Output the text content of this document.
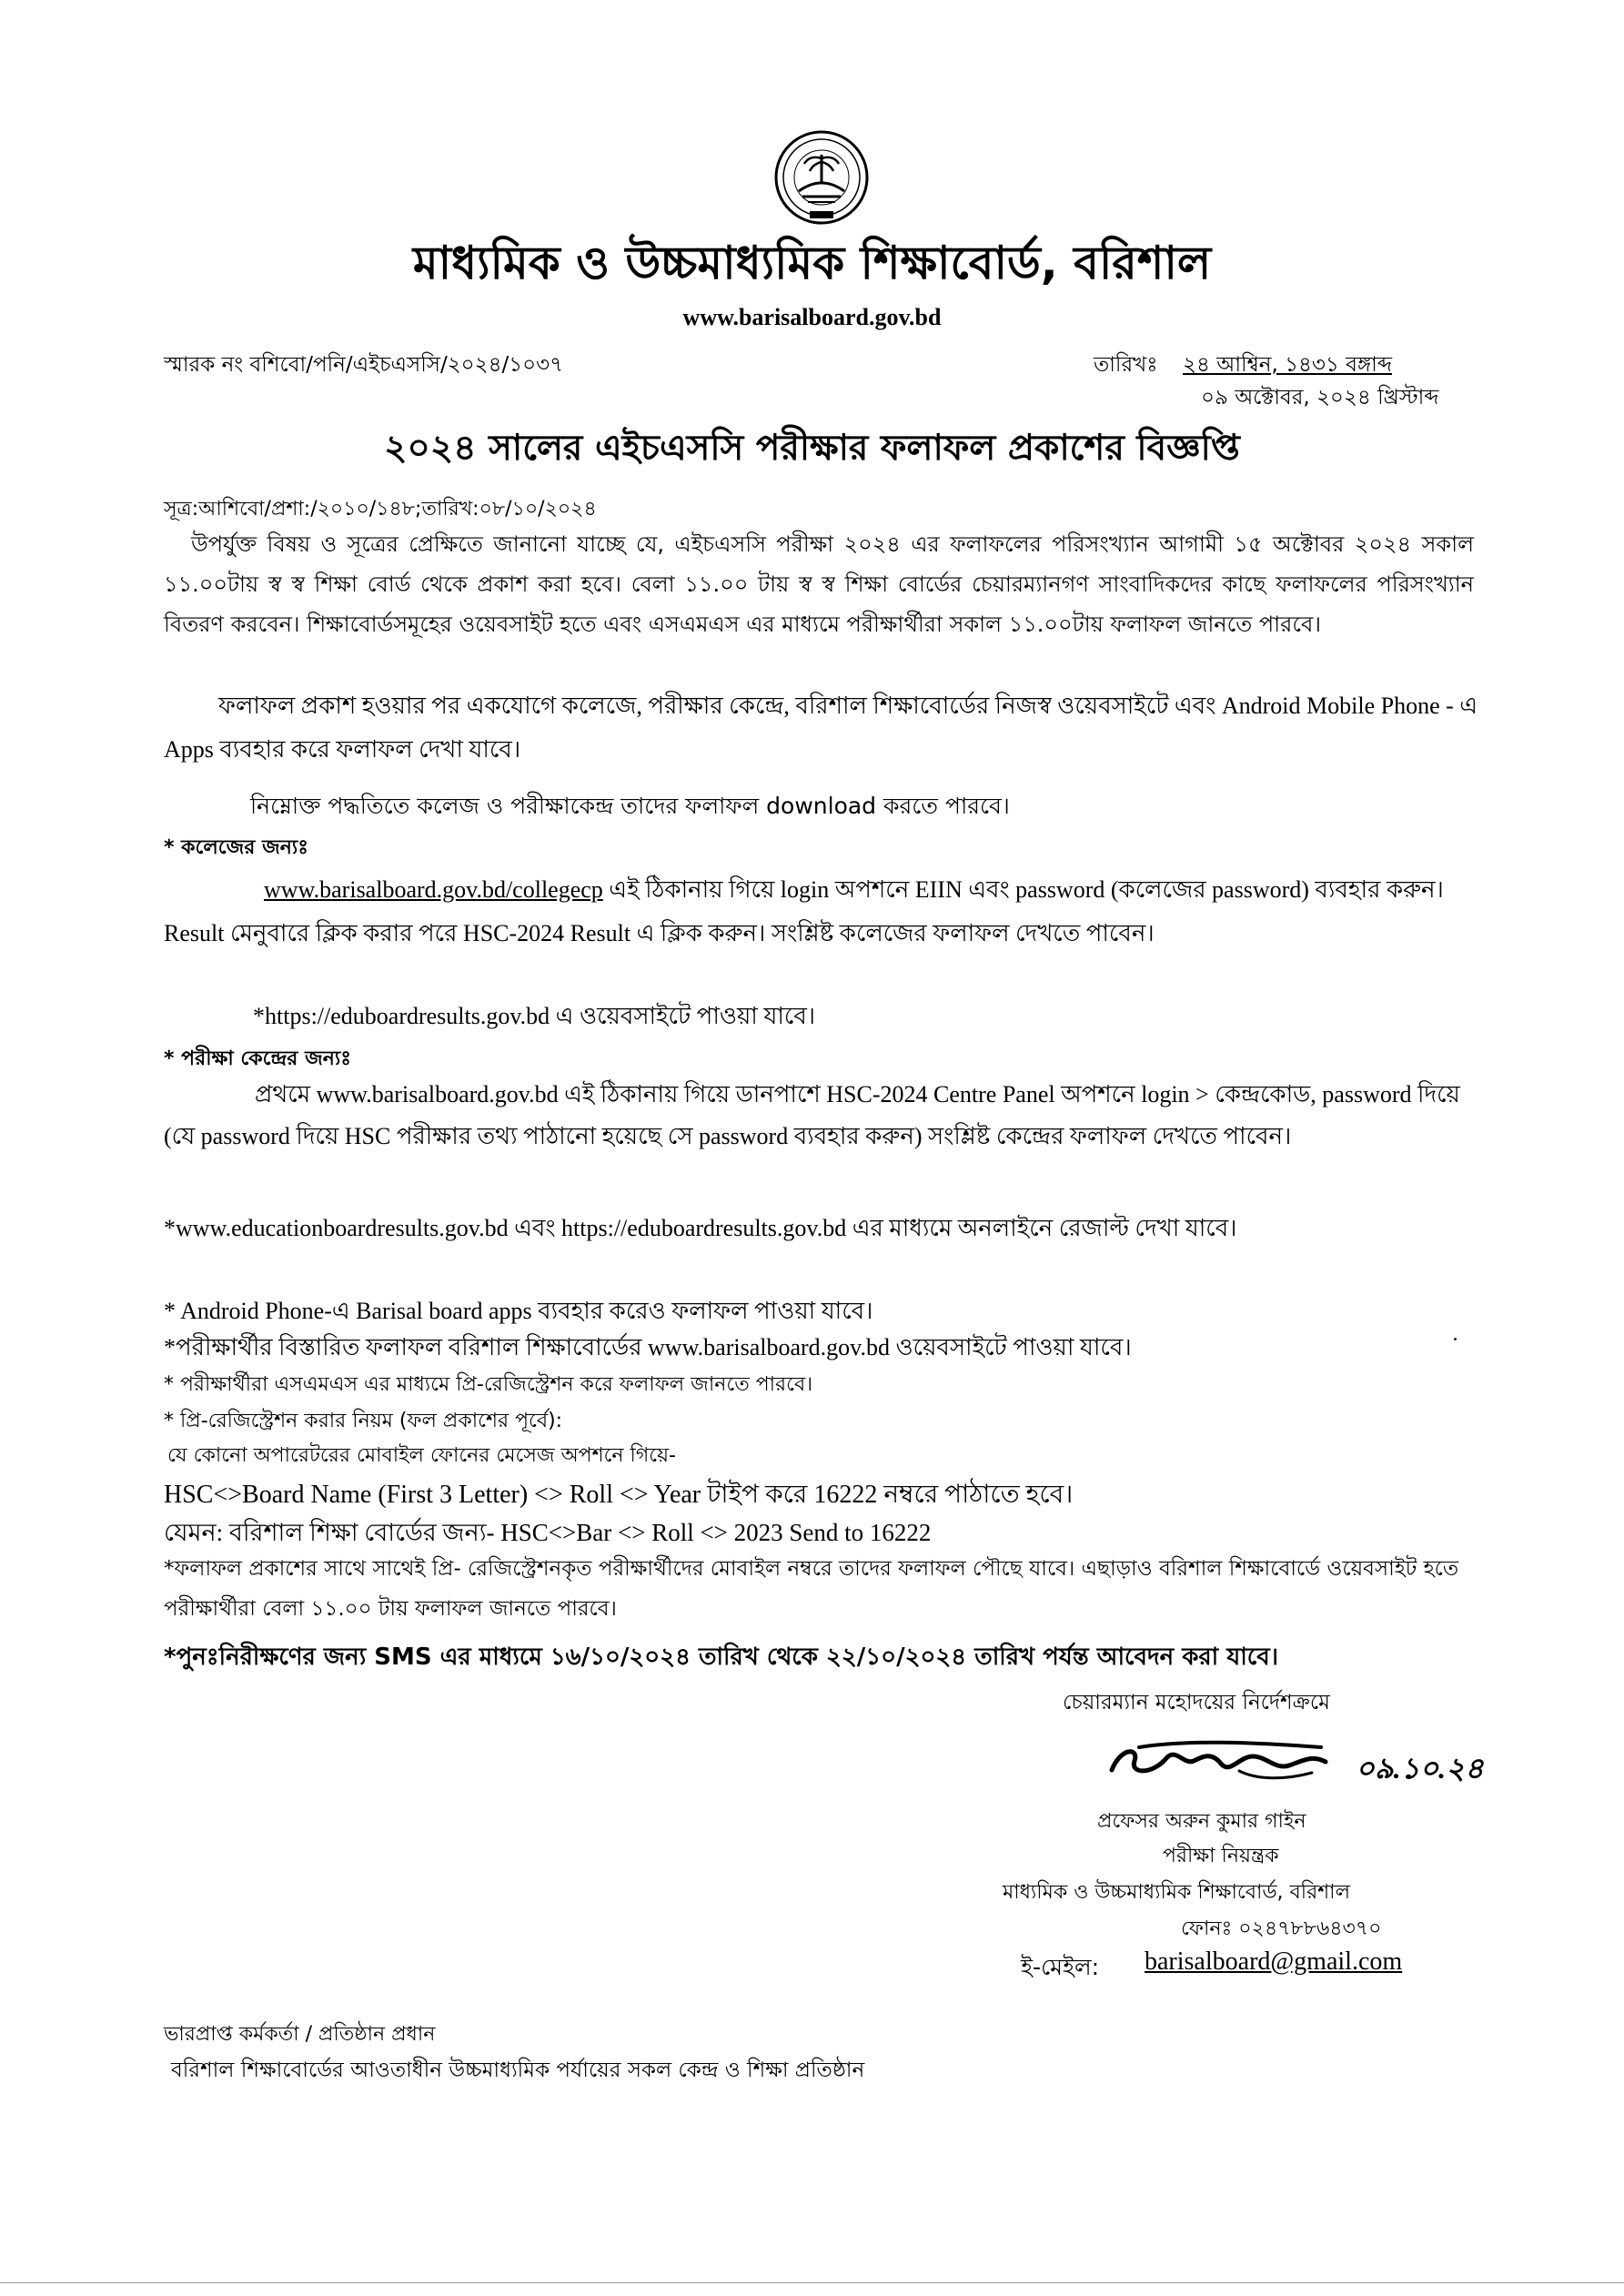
মাধ্যমিক ও উচ্চমাধ্যমিক শিক্ষাবোর্ড, বরিশাল
www.barisalboard.gov.bd
স্মারক নং বশিবো/পনি/এইচএসসি/২০২৪/১০৩৭	তারিখঃ ২৪ আশ্বিন, ১৪৩১ বঙ্গাব্দ
০৯ অক্টোবর, ২০২৪ খ্রিস্টাব্দ
২০২৪ সালের এইচএসসি পরীক্ষার ফলাফল প্রকাশের বিজ্ঞপ্তি
সূত্র:আশিবো/প্রশা:/২০১০/১৪৮;তারিখ:০৮/১০/২০২৪
উপর্যুক্ত বিষয় ও সূত্রের প্রেক্ষিতে জানানো যাচ্ছে যে, এইচএসসি পরীক্ষা ২০২৪ এর ফলাফলের পরিসংখ্যান আগামী ১৫ অক্টোবর ২০২৪ সকাল ১১.০০টায় স্ব স্ব শিক্ষা বোর্ড থেকে প্রকাশ করা হবে। বেলা ১১.০০ টায় স্ব স্ব শিক্ষা বোর্ডের চেয়ারম্যানগণ সাংবাদিকদের কাছে ফলাফলের পরিসংখ্যান বিতরণ করবেন। শিক্ষাবোর্ডসমূহের ওয়েবসাইট হতে এবং এসএমএস এর মাধ্যমে পরীক্ষার্থীরা সকাল ১১.০০টায় ফলাফল জানতে পারবে।
ফলাফল প্রকাশ হওয়ার পর একযোগে কলেজে, পরীক্ষার কেন্দ্রে, বরিশাল শিক্ষাবোর্ডের নিজস্ব ওয়েবসাইটে এবং Android Mobile Phone - এ Apps ব্যবহার করে ফলাফল দেখা যাবে।
নিম্নোক্ত পদ্ধতিতে কলেজ ও পরীক্ষাকেন্দ্র তাদের ফলাফল download করতে পারবে।
* কলেজের জন্যঃ
www.barisalboard.gov.bd/collegecp এই ঠিকানায় গিয়ে login অপশনে EIIN এবং password (কলেজের password) ব্যবহার করুন। Result মেনুবারে ক্লিক করার পরে HSC-2024 Result এ ক্লিক করুন। সংশ্লিষ্ট কলেজের ফলাফল দেখতে পাবেন।
*https://eduboardresults.gov.bd এ ওয়েবসাইটে পাওয়া যাবে।
* পরীক্ষা কেন্দ্রের জন্যঃ
প্রথমে www.barisalboard.gov.bd এই ঠিকানায় গিয়ে ডানপাশে HSC-2024 Centre Panel অপশনে login > কেন্দ্রকোড, password দিয়ে (যে password দিয়ে HSC পরীক্ষার তথ্য পাঠানো হয়েছে সে password ব্যবহার করুন) সংশ্লিষ্ট কেন্দ্রের ফলাফল দেখতে পাবেন।
*www.educationboardresults.gov.bd এবং https://eduboardresults.gov.bd এর মাধ্যমে অনলাইনে রেজাল্ট দেখা যাবে।
* Android Phone-এ Barisal board apps ব্যবহার করেও ফলাফল পাওয়া যাবে।
*পরীক্ষার্থীর বিস্তারিত ফলাফল বরিশাল শিক্ষাবোর্ডের www.barisalboard.gov.bd ওয়েবসাইটে পাওয়া যাবে।
* পরীক্ষার্থীরা এসএমএস এর মাধ্যমে প্রি-রেজিস্ট্রেশন করে ফলাফল জানতে পারবে।
* প্রি-রেজিস্ট্রেশন করার নিয়ম (ফল প্রকাশের পূর্বে):
যে কোনো অপারেটরের মোবাইল ফোনের মেসেজ অপশনে গিয়ে-
HSC<>Board Name (First 3 Letter) <> Roll <> Year টাইপ করে 16222 নম্বরে পাঠাতে হবে।
যেমন: বরিশাল শিক্ষা বোর্ডের জন্য- HSC<>Bar <> Roll <> 2023 Send to 16222
*ফলাফল প্রকাশের সাথে সাথেই প্রি- রেজিস্ট্রেশনকৃত পরীক্ষার্থীদের মোবাইল নম্বরে তাদের ফলাফল পৌছে যাবে। এছাড়াও বরিশাল শিক্ষাবোর্ডে ওয়েবসাইট হতে পরীক্ষার্থীরা বেলা ১১.০০ টায় ফলাফল জানতে পারবে।
*পুনঃনিরীক্ষণের জন্য SMS এর মাধ্যমে ১৬/১০/২০২৪ তারিখ থেকে ২২/১০/২০২৪ তারিখ পর্যন্ত আবেদন করা যাবে।
চেয়ারম্যান মহোদয়ের নির্দেশক্রমে
০৯.১০.২৪
প্রফেসর অরুন কুমার গাইন
পরীক্ষা নিয়ন্ত্রক
মাধ্যমিক ও উচ্চমাধ্যমিক শিক্ষাবোর্ড, বরিশাল
ফোনঃ ০২৪৭৮৮৬৪৩৭০
ই-মেইল: barisalboard@gmail.com
ভারপ্রাপ্ত কর্মকর্তা / প্রতিষ্ঠান প্রধান
বরিশাল শিক্ষাবোর্ডের আওতাধীন উচ্চমাধ্যমিক পর্যায়ের সকল কেন্দ্র ও শিক্ষা প্রতিষ্ঠান
